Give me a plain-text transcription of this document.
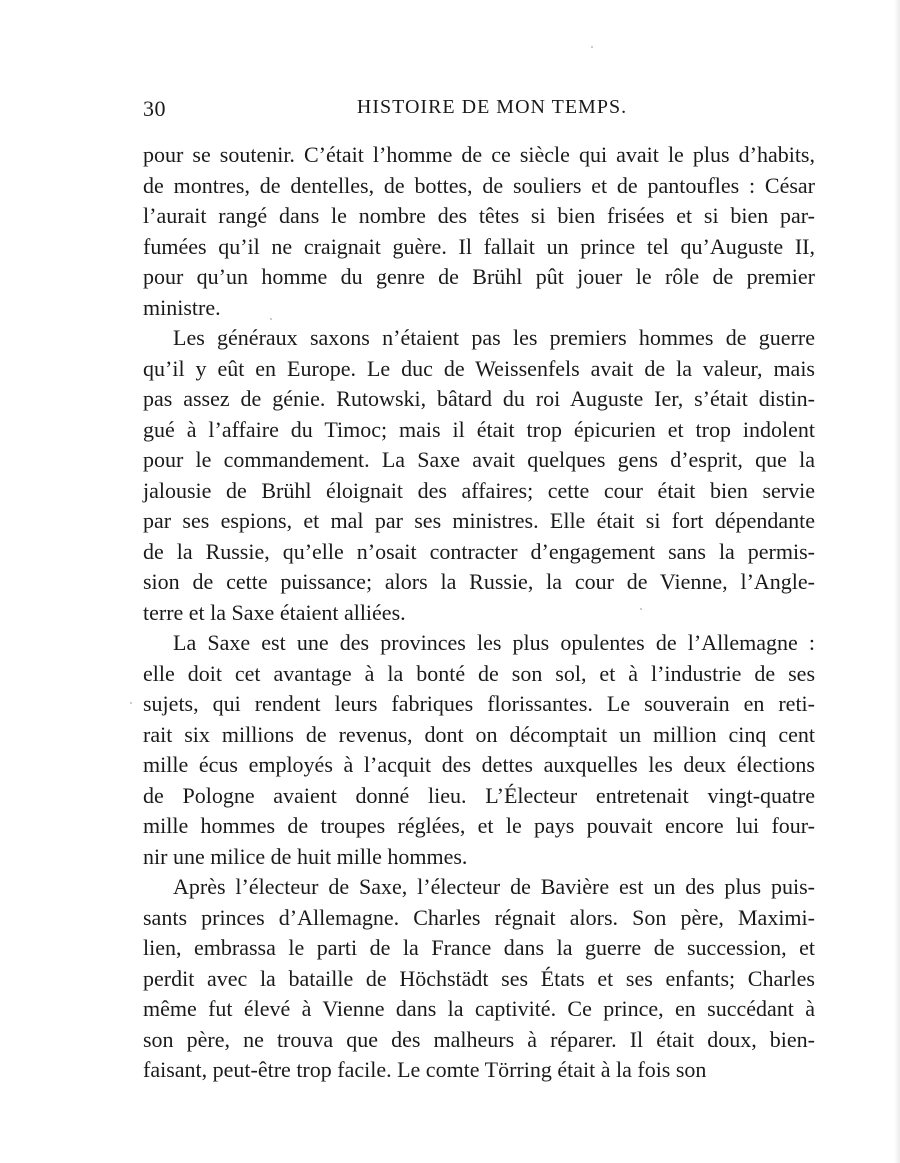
30	HISTOIRE DE MON TEMPS.
pour se soutenir. C’était l’homme de ce siècle qui avait le plus d’habits,
de montres, de dentelles, de bottes, de souliers et de pantoufles : César
l’aurait rangé dans le nombre des têtes si bien frisées et si bien par-
fumées qu’il ne craignait guère. Il fallait un prince tel qu’Auguste II,
pour qu’un homme du genre de Brühl pût jouer le rôle de premier
ministre.
Les généraux saxons n’étaient pas les premiers hommes de guerre
qu’il y eût en Europe. Le duc de Weissenfels avait de la valeur, mais
pas assez de génie. Rutowski, bâtard du roi Auguste Ier, s’était distin-
gué à l’affaire du Timoc; mais il était trop épicurien et trop indolent
pour le commandement. La Saxe avait quelques gens d’esprit, que la
jalousie de Brühl éloignait des affaires; cette cour était bien servie
par ses espions, et mal par ses ministres. Elle était si fort dépendante
de la Russie, qu’elle n’osait contracter d’engagement sans la permis-
sion de cette puissance; alors la Russie, la cour de Vienne, l’Angle-
terre et la Saxe étaient alliées.
La Saxe est une des provinces les plus opulentes de l’Allemagne :
elle doit cet avantage à la bonté de son sol, et à l’industrie de ses
sujets, qui rendent leurs fabriques florissantes. Le souverain en reti-
rait six millions de revenus, dont on décomptait un million cinq cent
mille écus employés à l’acquit des dettes auxquelles les deux élections
de Pologne avaient donné lieu. L’Électeur entretenait vingt-quatre
mille hommes de troupes réglées, et le pays pouvait encore lui four-
nir une milice de huit mille hommes.
Après l’électeur de Saxe, l’électeur de Bavière est un des plus puis-
sants princes d’Allemagne. Charles régnait alors. Son père, Maximi-
lien, embrassa le parti de la France dans la guerre de succession, et
perdit avec la bataille de Höchstädt ses États et ses enfants; Charles
même fut élevé à Vienne dans la captivité. Ce prince, en succédant à
son père, ne trouva que des malheurs à réparer. Il était doux, bien-
faisant, peut-être trop facile. Le comte Törring était à la fois son
